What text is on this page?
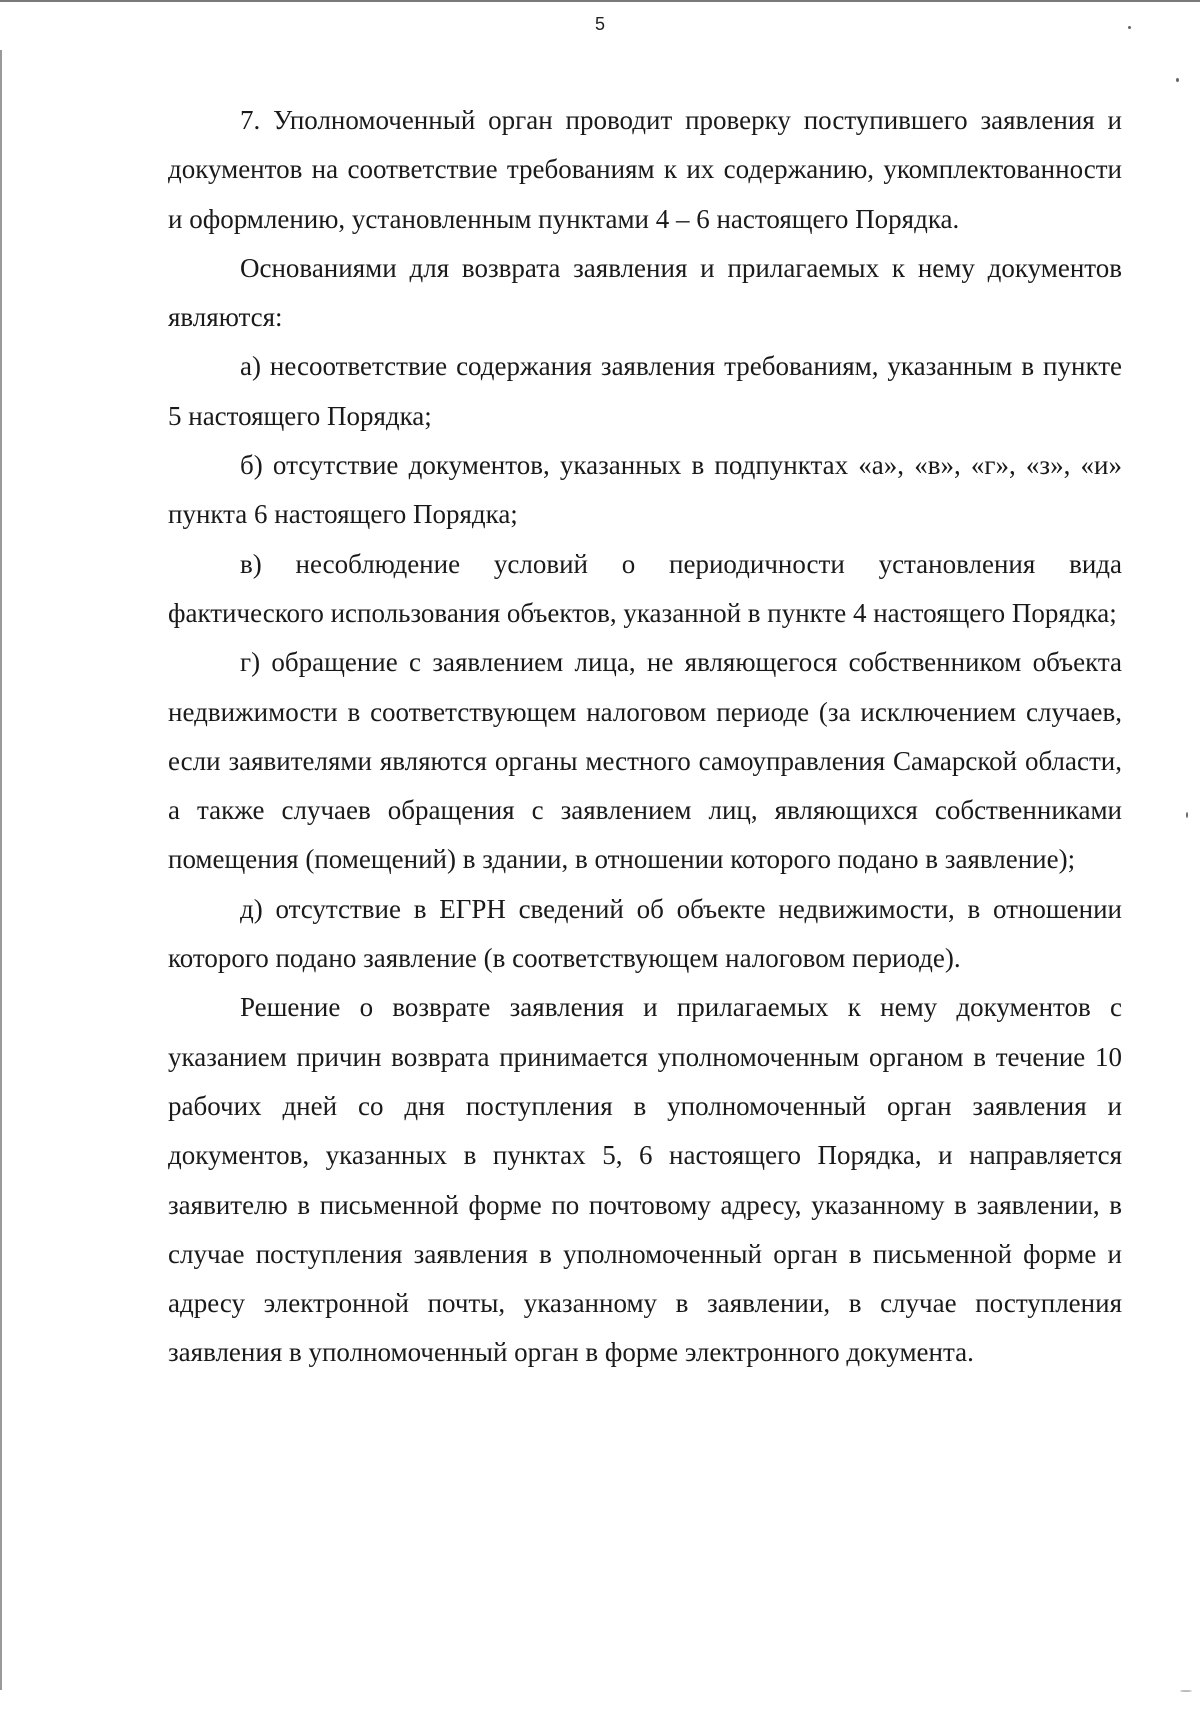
5

7. Уполномоченный орган проводит проверку поступившего заявления и документов на соответствие требованиям к их содержанию, укомплектованности и оформлению, установленным пунктами 4 – 6 настоящего Порядка.

Основаниями для возврата заявления и прилагаемых к нему документов являются:

а) несоответствие содержания заявления требованиям, указанным в пункте 5 настоящего Порядка;

б) отсутствие документов, указанных в подпунктах «а», «в», «г», «з», «и» пункта 6 настоящего Порядка;

в) несоблюдение условий о периодичности установления вида фактического использования объектов, указанной в пункте 4 настоящего Порядка;

г) обращение с заявлением лица, не являющегося собственником объекта недвижимости в соответствующем налоговом периоде (за исключением случаев, если заявителями являются органы местного самоуправления Самарской области, а также случаев обращения с заявлением лиц, являющихся собственниками помещения (помещений) в здании, в отношении которого подано в заявление);

д) отсутствие в ЕГРН сведений об объекте недвижимости, в отношении которого подано заявление (в соответствующем налоговом периоде).

Решение о возврате заявления и прилагаемых к нему документов с указанием причин возврата принимается уполномоченным органом в течение 10 рабочих дней со дня поступления в уполномоченный орган заявления и документов, указанных в пунктах 5, 6 настоящего Порядка, и направляется заявителю в письменной форме по почтовому адресу, указанному в заявлении, в случае поступления заявления в уполномоченный орган в письменной форме и адресу электронной почты, указанному в заявлении, в случае поступления заявления в уполномоченный орган в форме электронного документа.
